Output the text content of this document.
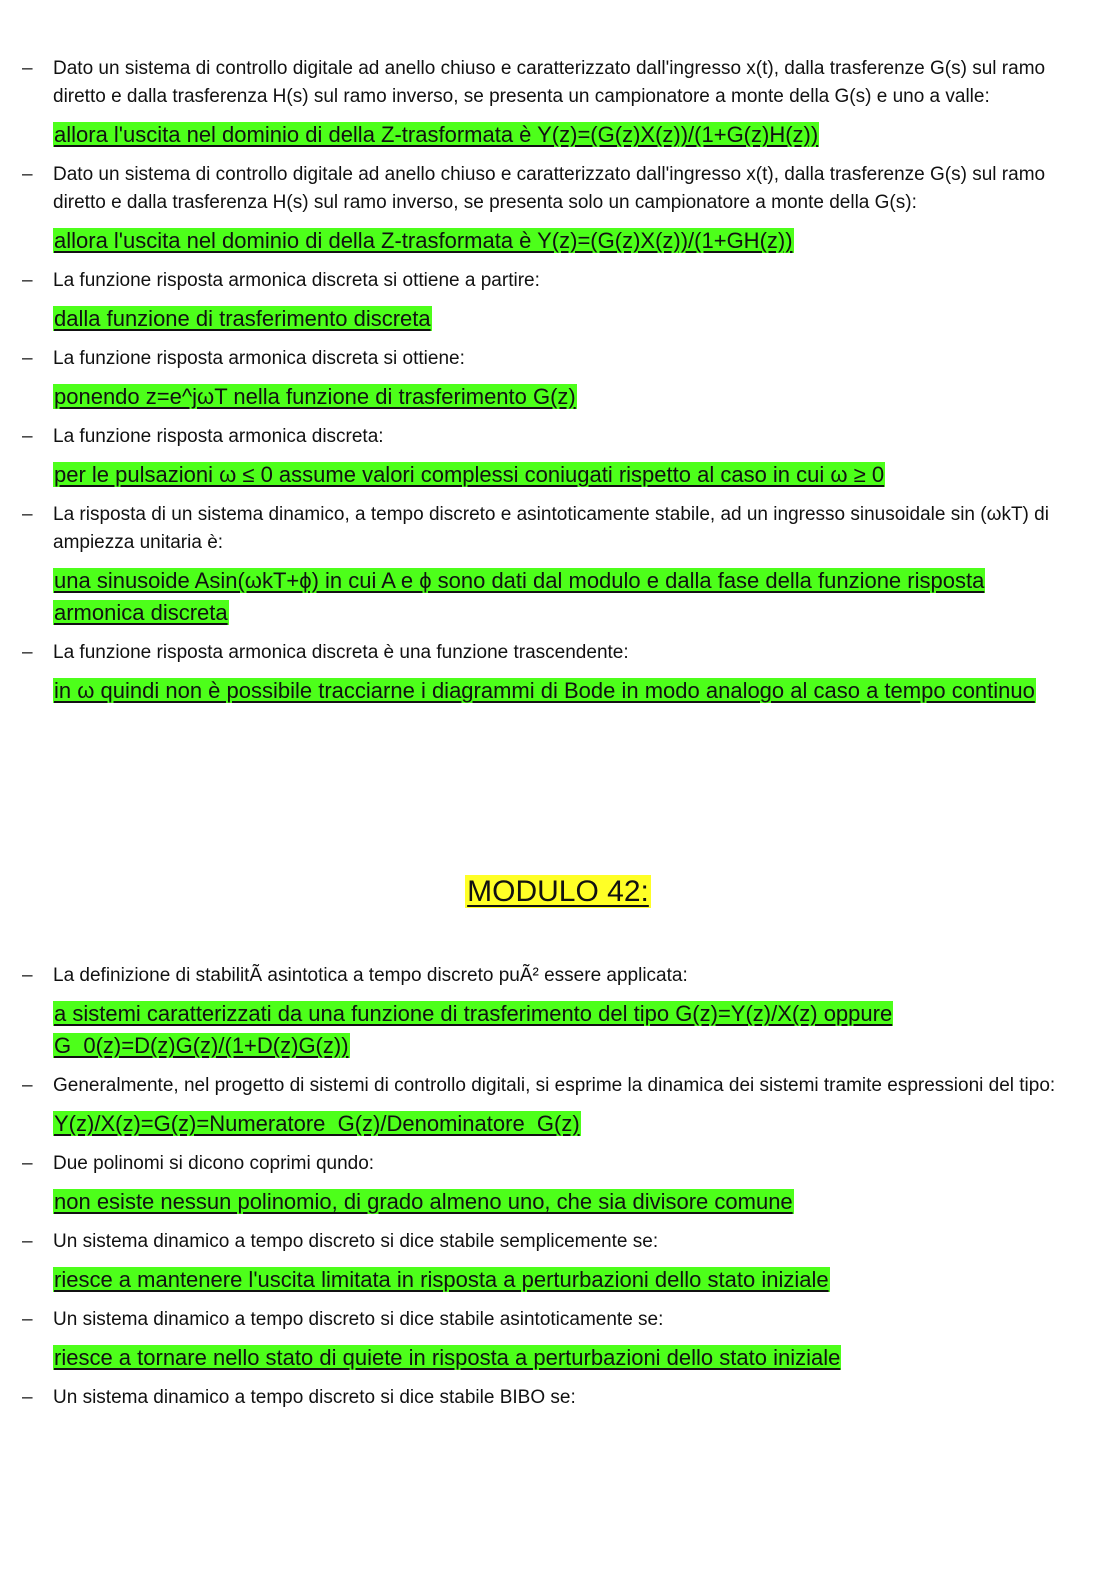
– Dato un sistema di controllo digitale ad anello chiuso e caratterizzato dall'ingresso x(t), dalla trasferenze G(s) sul ramo diretto e dalla trasferenza H(s) sul ramo inverso, se presenta un campionatore a monte della G(s) e uno a valle:

allora l'uscita nel dominio di della Z-trasformata è Y(z)=(G(z)X(z))/(1+G(z)H(z))

– Dato un sistema di controllo digitale ad anello chiuso e caratterizzato dall'ingresso x(t), dalla trasferenze G(s) sul ramo diretto e dalla trasferenza H(s) sul ramo inverso, se presenta solo un campionatore a monte della G(s):

allora l'uscita nel dominio di della Z-trasformata è Y(z)=(G(z)X(z))/(1+GH(z))

– La funzione risposta armonica discreta si ottiene a partire:

dalla funzione di trasferimento discreta

– La funzione risposta armonica discreta si ottiene:

ponendo z=e^jωT nella funzione di trasferimento G(z)

– La funzione risposta armonica discreta:

per le pulsazioni ω ≤ 0 assume valori complessi coniugati rispetto al caso in cui ω ≥ 0

– La risposta di un sistema dinamico, a tempo discreto e asintoticamente stabile, ad un ingresso sinusoidale sin (ωkT) di ampiezza unitaria è:

una sinusoide Asin(ωkT+ϕ) in cui A e ϕ sono dati dal modulo e dalla fase della funzione risposta armonica discreta

– La funzione risposta armonica discreta è una funzione trascendente:

in ω quindi non è possibile tracciarne i diagrammi di Bode in modo analogo al caso a tempo continuo

MODULO 42:
– La definizione di stabilitÃ asintotica a tempo discreto puÃ² essere applicata:

a sistemi caratterizzati da una funzione di trasferimento del tipo G(z)=Y(z)/X(z) oppure G_0(z)=D(z)G(z)/(1+D(z)G(z))

– Generalmente, nel progetto di sistemi di controllo digitali, si esprime la dinamica dei sistemi tramite espressioni del tipo:

Y(z)/X(z)=G(z)=Numeratore_G(z)/Denominatore_G(z)

– Due polinomi si dicono coprimi qundo:

non esiste nessun polinomio, di grado almeno uno, che sia divisore comune

– Un sistema dinamico a tempo discreto si dice stabile semplicemente se:

riesce a mantenere l'uscita limitata in risposta a perturbazioni dello stato iniziale

– Un sistema dinamico a tempo discreto si dice stabile asintoticamente se:

riesce a tornare nello stato di quiete in risposta a perturbazioni dello stato iniziale

– Un sistema dinamico a tempo discreto si dice stabile BIBO se:
